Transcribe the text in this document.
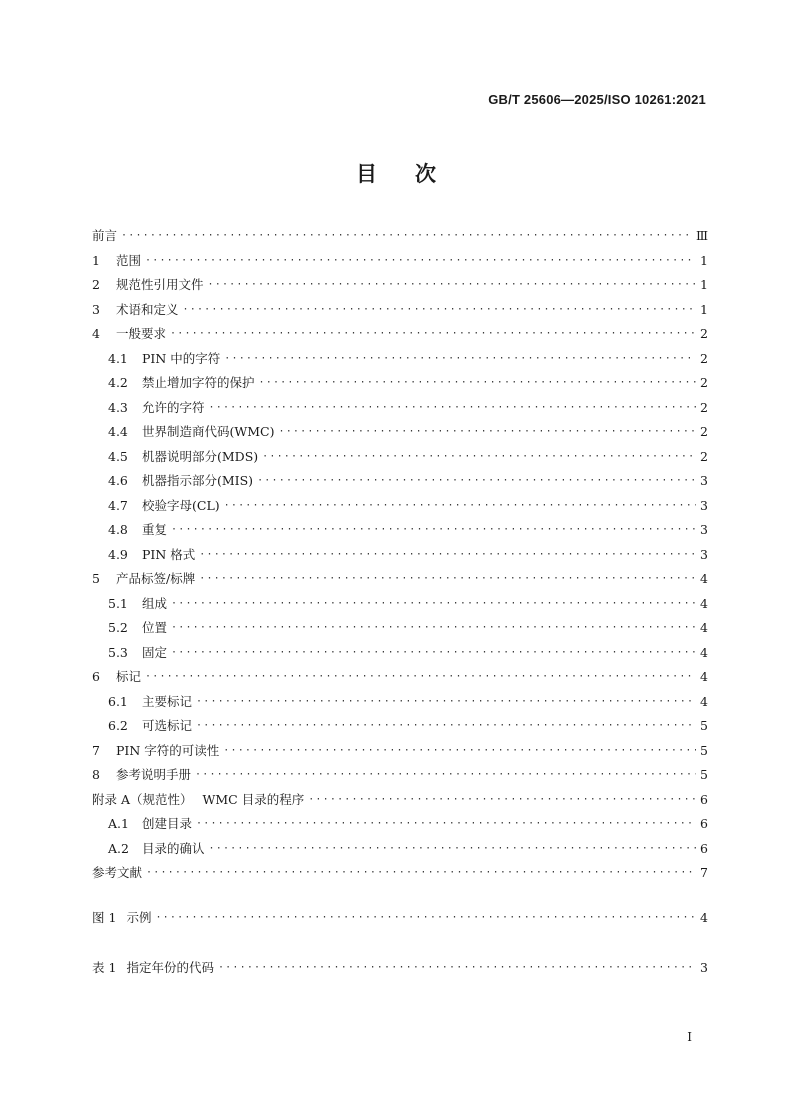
GB/T 25606—2025/ISO 10261:2021
目次
前言 ·····	Ⅲ
1	范围 ·····	1
2	规范性引用文件 ·····	1
3	术语和定义 ·····	1
4	一般要求 ·····	2
4.1	PIN 中的字符 ·····	2
4.2	禁止增加字符的保护 ·····	2
4.3	允许的字符 ·····	2
4.4	世界制造商代码(WMC) ·····	2
4.5	机器说明部分(MDS) ·····	2
4.6	机器指示部分(MIS) ·····	3
4.7	校验字母(CL) ·····	3
4.8	重复 ·····	3
4.9	PIN 格式 ·····	3
5	产品标签/标牌 ·····	4
5.1	组成 ·····	4
5.2	位置 ·····	4
5.3	固定 ·····	4
6	标记 ·····	4
6.1	主要标记 ·····	4
6.2	可选标记 ·····	5
7	PIN 字符的可读性 ·····	5
8	参考说明手册 ·····	5
附录 A（规范性） WMC 目录的程序 ·····	6
A.1	创建目录 ·····	6
A.2	目录的确认 ·····	6
参考文献 ·····	7
图 1 示例 ·····	4
表 1 指定年份的代码 ·····	3
I
